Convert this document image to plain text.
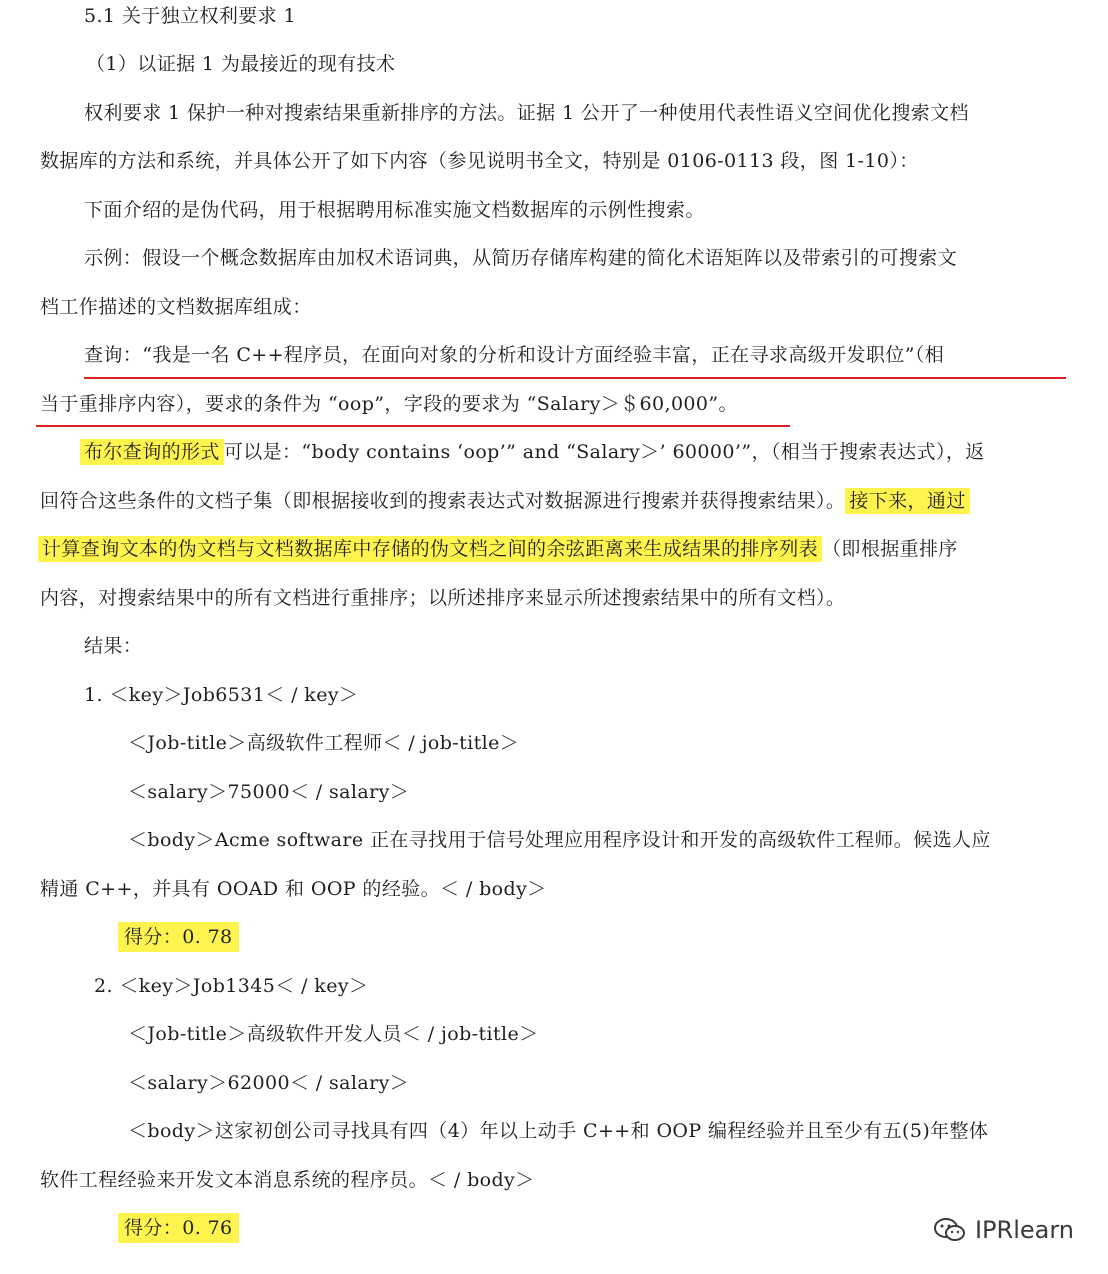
5.1 关于独立权利要求 1
（1）以证据 1 为最接近的现有技术
权利要求 1 保护一种对搜索结果重新排序的方法。证据 1 公开了一种使用代表性语义空间优化搜索文档
数据库的方法和系统，并具体公开了如下内容（参见说明书全文，特别是 0106-0113 段，图 1-10）：
下面介绍的是伪代码，用于根据聘用标准实施文档数据库的示例性搜索。
示例：假设一个概念数据库由加权术语词典，从简历存储库构建的简化术语矩阵以及带索引的可搜索文
档工作描述的文档数据库组成：
查询：“我是一名 C++程序员，在面向对象的分析和设计方面经验丰富，正在寻求高级开发职位”（相
当于重排序内容），要求的条件为 “oop”，字段的要求为 “Salary＞＄60,000”。
布尔查询的形式 可以是：“body contains ‘oop’” and “Salary＞’ 60000’”，（相当于搜索表达式），返
回符合这些条件的文档子集（即根据接收到的搜索表达式对数据源进行搜索并获得搜索结果）。 接下来，通过
计算查询文本的伪文档与文档数据库中存储的伪文档之间的余弦距离来生成结果的排序列表 （即根据重排序
内容，对搜索结果中的所有文档进行重排序；以所述排序来显示所述搜索结果中的所有文档）。
结果：
1. ＜key＞Job6531＜ / key＞
＜Job-title＞高级软件工程师＜ / job-title＞
＜salary＞75000＜ / salary＞
＜body＞Acme software 正在寻找用于信号处理应用程序设计和开发的高级软件工程师。候选人应
精通 C++，并具有 OOAD 和 OOP 的经验。＜ / body＞
得分：0. 78
2. ＜key＞Job1345＜ / key＞
＜Job-title＞高级软件开发人员＜ / job-title＞
＜salary＞62000＜ / salary＞
＜body＞这家初创公司寻找具有四（4）年以上动手 C++和 OOP 编程经验并且至少有五(5)年整体
软件工程经验来开发文本消息系统的程序员。＜ / body＞
得分：0. 76	IPRlearn
